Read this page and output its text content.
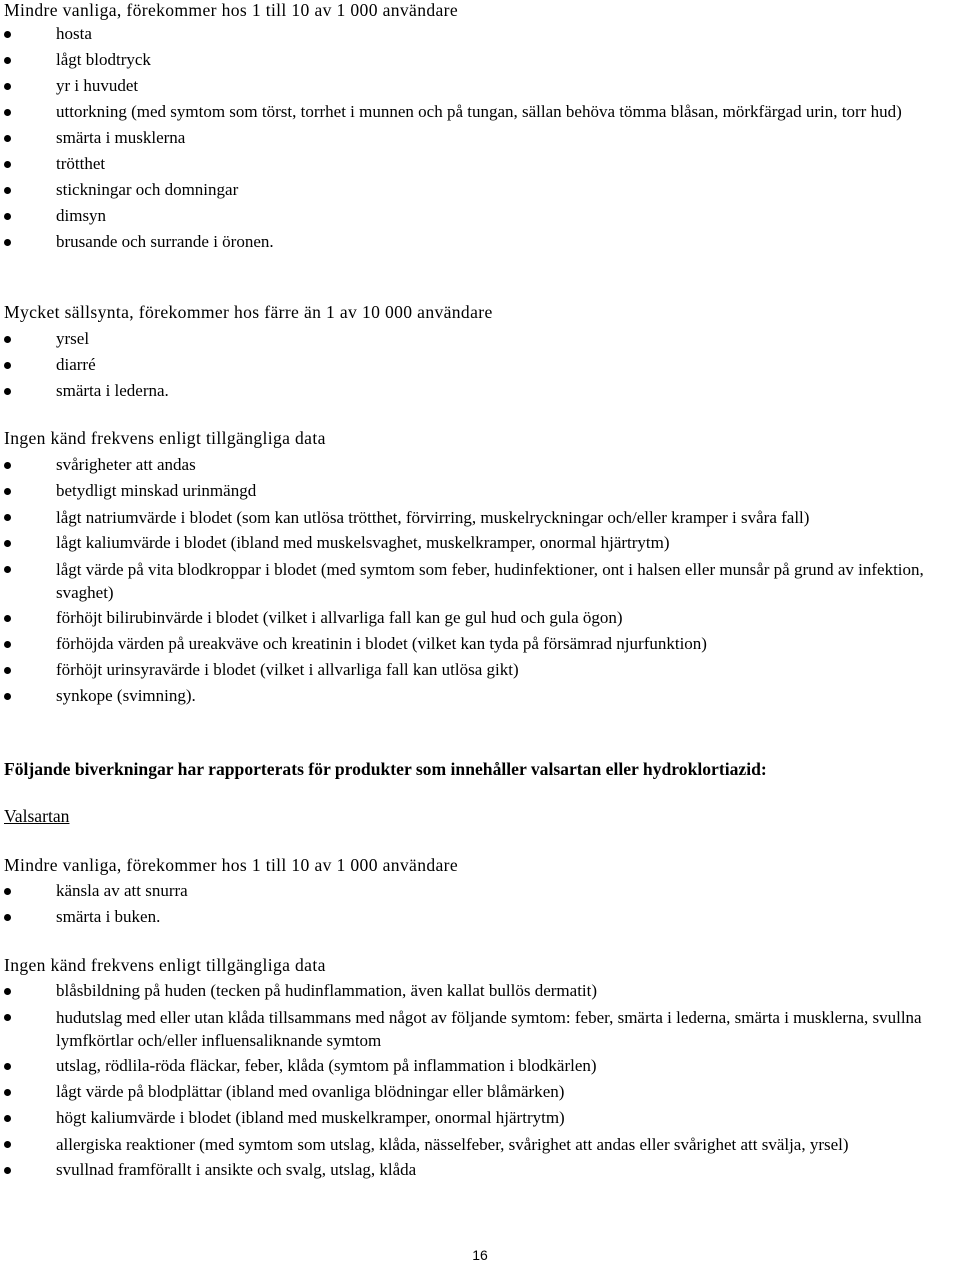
Mindre vanliga, förekommer hos 1 till 10 av 1 000 användare
hosta
lågt blodtryck
yr i huvudet
uttorkning (med symtom som törst, torrhet i munnen och på tungan, sällan behöva tömma blåsan, mörkfärgad urin, torr hud)
smärta i musklerna
trötthet
stickningar och domningar
dimsyn
brusande och surrande i öronen.
Mycket sällsynta, förekommer hos färre än 1 av 10 000 användare
yrsel
diarré
smärta i lederna.
Ingen känd frekvens enligt tillgängliga data
svårigheter att andas
betydligt minskad urinmängd
lågt natriumvärde i blodet (som kan utlösa trötthet, förvirring, muskelryckningar och/eller kramper i svåra fall)
lågt kaliumvärde i blodet (ibland med muskelsvaghet, muskelkramper, onormal hjärtrytm)
lågt värde på vita blodkroppar i blodet (med symtom som feber, hudinfektioner, ont i halsen eller munsår på grund av infektion, svaghet)
förhöjt bilirubinvärde i blodet (vilket i allvarliga fall kan ge gul hud och gula ögon)
förhöjda värden på ureakväve och kreatinin i blodet (vilket kan tyda på försämrad njurfunktion)
förhöjt urinsyravärde i blodet (vilket i allvarliga fall kan utlösa gikt)
synkope (svimning).
Följande biverkningar har rapporterats för produkter som innehåller valsartan eller hydroklortiazid:
Valsartan
Mindre vanliga, förekommer hos 1 till 10 av 1 000 användare
känsla av att snurra
smärta i buken.
Ingen känd frekvens enligt tillgängliga data
blåsbildning på huden (tecken på hudinflammation, även kallat bullös dermatit)
hudutslag med eller utan klåda tillsammans med något av följande symtom: feber, smärta i lederna, smärta i musklerna, svullna lymfkörtlar och/eller influensaliknande symtom
utslag, rödlila-röda fläckar, feber, klåda (symtom på inflammation i blodkärlen)
lågt värde på blodplättar (ibland med ovanliga blödningar eller blåmärken)
högt kaliumvärde i blodet (ibland med muskelkramper, onormal hjärtrytm)
allergiska reaktioner (med symtom som utslag, klåda, nässelfeber, svårighet att andas eller svårighet att svälja, yrsel)
svullnad framförallt i ansikte och svalg, utslag, klåda
16
